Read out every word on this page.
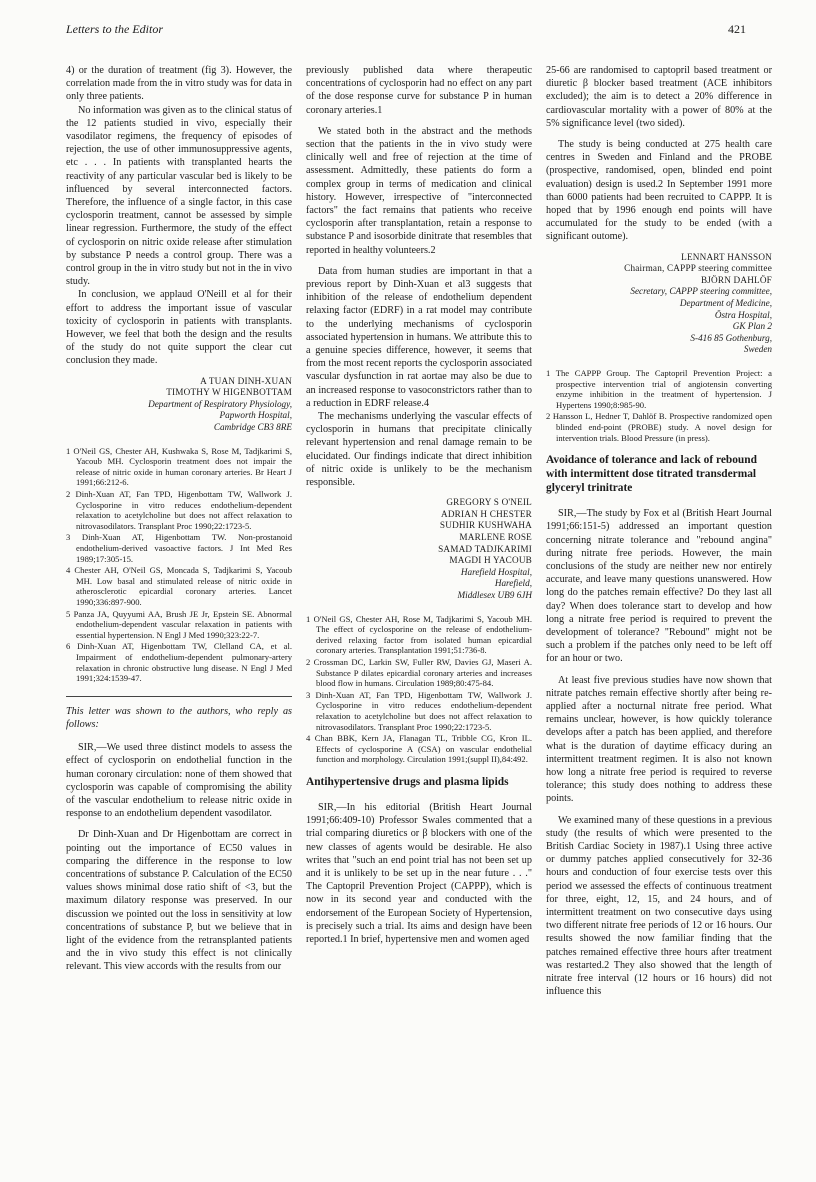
Letters to the Editor	421

4) or the duration of treatment (fig 3). However, the correlation made from the in vitro study was for data in only three patients.

No information was given as to the clinical status of the 12 patients studied in vivo, especially their vasodilator regimens, the frequency of episodes of rejection, the use of other immunosuppressive agents, etc . . . In patients with transplanted hearts the reactivity of any particular vascular bed is likely to be influenced by several interconnected factors. Therefore, the influence of a single factor, in this case cyclosporin treatment, cannot be assessed by simple linear regression. Furthermore, the study of the effect of cyclosporin on nitric oxide release after stimulation by substance P needs a control group. There was a control group in the in vitro study but not in the in vivo study.

In conclusion, we applaud O'Neill et al for their effort to address the important issue of vascular toxicity of cyclosporin in patients with transplants. However, we feel that both the design and the results of the study do not quite support the clear cut conclusion they made.

A TUAN DINH-XUAN
TIMOTHY W HIGENBOTTAM
Department of Respiratory Physiology,
Papworth Hospital,
Cambridge CB3 8RE
1 O'Neil GS, Chester AH, Kushwaka S, Rose M, Tadjkarimi S, Yacoub MH. Cyclosporin treatment does not impair the release of nitric oxide in human coronary arteries. Br Heart J 1991;66:212-6.
2 Dinh-Xuan AT, Fan TPD, Higenbottam TW, Wallwork J. Cyclosporine in vitro reduces endothelium-dependent relaxation to acetylcholine but does not affect relaxation to nitrovasodilators. Transplant Proc 1990;22:1723-5.
3 Dinh-Xuan AT, Higenbottam TW. Non-prostanoid endothelium-derived vasoactive factors. J Int Med Res 1989;17:305-15.
4 Chester AH, O'Neil GS, Moncada S, Tadjkarimi S, Yacoub MH. Low basal and stimulated release of nitric oxide in atherosclerotic epicardial coronary arteries. Lancet 1990;336:897-900.
5 Panza JA, Quyyumi AA, Brush JE Jr, Epstein SE. Abnormal endothelium-dependent vascular relaxation in patients with essential hypertension. N Engl J Med 1990;323:22-7.
6 Dinh-Xuan AT, Higenbottam TW, Clelland CA, et al. Impairment of endothelium-dependent pulmonary-artery relaxation in chronic obstructive lung disease. N Engl J Med 1991;324:1539-47.
This letter was shown to the authors, who reply as follows:

SIR,—We used three distinct models to assess the effect of cyclosporin on endothelial function in the human coronary circulation: none of them showed that cyclosporin was capable of compromising the ability of the vascular endothelium to release nitric oxide in response to an endothelium dependent vasodilator.

Dr Dinh-Xuan and Dr Higenbottam are correct in pointing out the importance of EC50 values in comparing the difference in the response to low concentrations of substance P. Calculation of the EC50 values shows minimal dose ratio shift of <3, but the maximum dilatory response was preserved. In our discussion we pointed out the loss in sensitivity at low concentrations of substance P, but we believe that in light of the evidence from the retransplanted patients and the in vivo study this effect is not clinically relevant. This view accords with the results from our

previously published data where therapeutic concentrations of cyclosporin had no effect on any part of the dose response curve for substance P in human coronary arteries.1

We stated both in the abstract and the methods section that the patients in the in vivo study were clinically well and free of rejection at the time of assessment. Admittedly, these patients do form a complex group in terms of medication and clinical history. However, irrespective of "interconnected factors" the fact remains that patients who receive cyclosporin after transplantation, retain a response to substance P and isosorbide dinitrate that resembles that reported in healthy volunteers.2

Data from human studies are important in that a previous report by Dinh-Xuan et al3 suggests that inhibition of the release of endothelium dependent relaxing factor (EDRF) in a rat model may contribute to the underlying mechanisms of cyclosporin associated hypertension in humans. We attribute this to a genuine species difference, however, it seems that from the most recent reports the cyclosporin associated vascular dysfunction in rat aortae may also be due to an increased response to vasoconstrictors rather than to a reduction in EDRF release.4

The mechanisms underlying the vascular effects of cyclosporin in humans that precipitate clinically relevant hypertension and renal damage remain to be elucidated. Our findings indicate that direct inhibition of nitric oxide is unlikely to be the mechanism responsible.

GREGORY S O'NEIL
ADRIAN H CHESTER
SUDHIR KUSHWAHA
MARLENE ROSE
SAMAD TADJKARIMI
MAGDI H YACOUB
Harefield Hospital,
Harefield,
Middlesex UB9 6JH
1 O'Neil GS, Chester AH, Rose M, Tadjkarimi S, Yacoub MH. The effect of cyclosporine on the release of endothelium-derived relaxing factor from isolated human epicardial coronary arteries. Transplantation 1991;51:736-8.
2 Crossman DC, Larkin SW, Fuller RW, Davies GJ, Maseri A. Substance P dilates epicardial coronary arteries and increases blood flow in humans. Circulation 1989;80:475-84.
3 Dinh-Xuan AT, Fan TPD, Higenbottam TW, Wallwork J. Cyclosporine in vitro reduces endothelium-dependent relaxation to acetylcholine but does not affect relaxation to nitrovasodilators. Transplant Proc 1990;22:1723-5.
4 Chan BBK, Kern JA, Flanagan TL, Tribble CG, Kron IL. Effects of cyclosporine A (CSA) on vascular endothelial function and morphology. Circulation 1991;(suppl II),84:492.
Antihypertensive drugs and plasma lipids

SIR,—In his editorial (British Heart Journal 1991;66:409-10) Professor Swales commented that a trial comparing diuretics or β blockers with one of the new classes of agents would be desirable. He also writes that "such an end point trial has not been set up and it is unlikely to be set up in the near future . . ." The Captopril Prevention Project (CAPPP), which is now in its second year and conducted with the endorsement of the European Society of Hypertension, is precisely such a trial. Its aims and design have been reported.1 In brief, hypertensive men and women aged

25-66 are randomised to captopril based treatment or diuretic β blocker based treatment (ACE inhibitors excluded); the aim is to detect a 20% difference in cardiovascular mortality with a power of 80% at the 5% significance level (two sided).

The study is being conducted at 275 health care centres in Sweden and Finland and the PROBE (prospective, randomised, open, blinded end point evaluation) design is used.2 In September 1991 more than 6000 patients had been recruited to CAPPP. It is hoped that by 1996 enough end points will have accumulated for the study to be ended (with a significant outome).

LENNART HANSSON
Chairman, CAPPP steering committee
BJÖRN DAHLÖF
Secretary, CAPPP steering committee,
Department of Medicine,
Östra Hospital,
GK Plan 2
S-416 85 Gothenburg,
Sweden
1 The CAPPP Group. The Captopril Prevention Project: a prospective intervention trial of angiotensin converting enzyme inhibition in the treatment of hypertension. J Hypertens 1990;8:985-90.
2 Hansson L, Hedner T, Dahlöf B. Prospective randomized open blinded end-point (PROBE) study. A novel design for intervention trials. Blood Pressure (in press).
Avoidance of tolerance and lack of rebound with intermittent dose titrated transdermal glyceryl trinitrate

SIR,—The study by Fox et al (British Heart Journal 1991;66:151-5) addressed an important question concerning nitrate tolerance and "rebound angina" during nitrate free periods. However, the main conclusions of the study are neither new nor entirely accurate, and leave many questions unanswered. How long do the patches remain effective? Do they last all day? When does tolerance start to develop and how long a nitrate free period is required to prevent the development of tolerance? "Rebound" might not be such a problem if the patches only need to be left off for an hour or two.

At least five previous studies have now shown that nitrate patches remain effective shortly after being re-applied after a nocturnal nitrate free period. What remains unclear, however, is how quickly tolerance develops after a patch has been applied, and therefore what is the duration of daytime efficacy during an intermittent treatment regimen. It is also not known how long a nitrate free period is required to reverse tolerance; this study does nothing to address these points.

We examined many of these questions in a previous study (the results of which were presented to the British Cardiac Society in 1987).1 Using three active or dummy patches applied consecutively for 32-36 hours and conduction of four exercise tests over this period we assessed the effects of continuous treatment for three, eight, 12, 15, and 24 hours, and of intermittent treatment on two consecutive days using two different nitrate free periods of 12 or 16 hours. Our results showed the now familiar finding that the patches remained effective three hours after treatment was restarted.2 They also showed that the length of nitrate free interval (12 hours or 16 hours) did not influence this
